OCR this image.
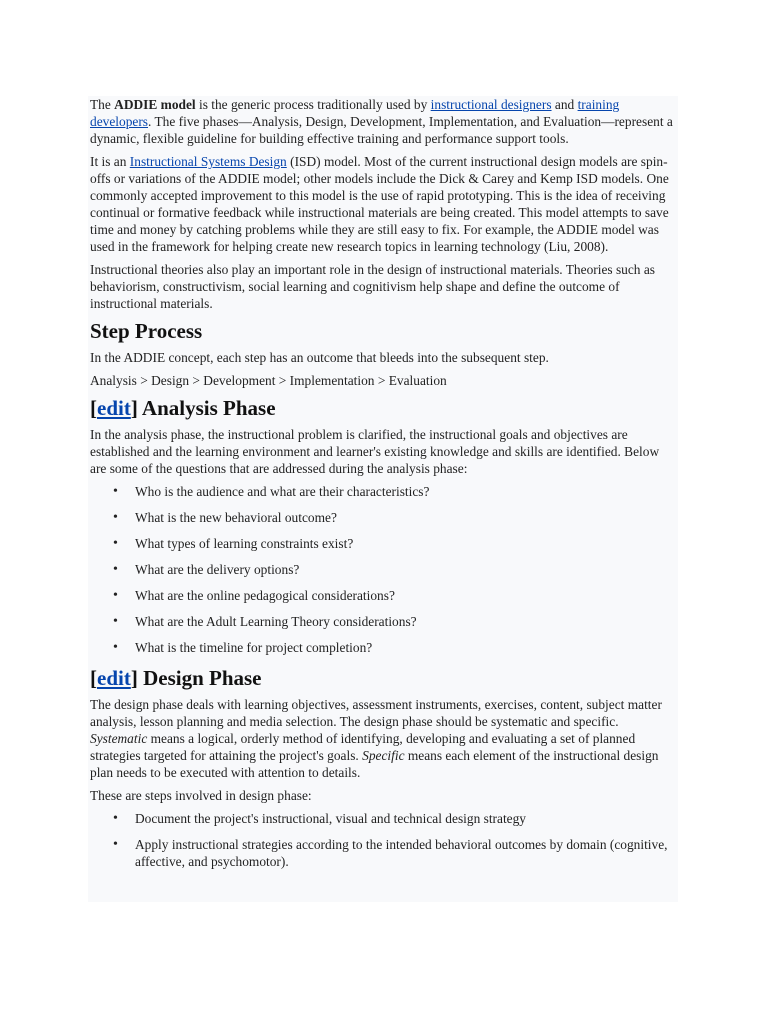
The ADDIE model is the generic process traditionally used by instructional designers and training developers. The five phases—Analysis, Design, Development, Implementation, and Evaluation—represent a dynamic, flexible guideline for building effective training and performance support tools.

It is an Instructional Systems Design (ISD) model. Most of the current instructional design models are spin-offs or variations of the ADDIE model; other models include the Dick & Carey and Kemp ISD models. One commonly accepted improvement to this model is the use of rapid prototyping. This is the idea of receiving continual or formative feedback while instructional materials are being created. This model attempts to save time and money by catching problems while they are still easy to fix. For example, the ADDIE model was used in the framework for helping create new research topics in learning technology (Liu, 2008).

Instructional theories also play an important role in the design of instructional materials. Theories such as behaviorism, constructivism, social learning and cognitivism help shape and define the outcome of instructional materials.

Step Process

In the ADDIE concept, each step has an outcome that bleeds into the subsequent step.

Analysis > Design > Development > Implementation > Evaluation

[edit] Analysis Phase

In the analysis phase, the instructional problem is clarified, the instructional goals and objectives are established and the learning environment and learner's existing knowledge and skills are identified. Below are some of the questions that are addressed during the analysis phase:

• Who is the audience and what are their characteristics?
• What is the new behavioral outcome?
• What types of learning constraints exist?
• What are the delivery options?
• What are the online pedagogical considerations?
• What are the Adult Learning Theory considerations?
• What is the timeline for project completion?
[edit] Design Phase

The design phase deals with learning objectives, assessment instruments, exercises, content, subject matter analysis, lesson planning and media selection. The design phase should be systematic and specific. Systematic means a logical, orderly method of identifying, developing and evaluating a set of planned strategies targeted for attaining the project's goals. Specific means each element of the instructional design plan needs to be executed with attention to details.

These are steps involved in design phase:

• Document the project's instructional, visual and technical design strategy
• Apply instructional strategies according to the intended behavioral outcomes by domain (cognitive, affective, and psychomotor).
